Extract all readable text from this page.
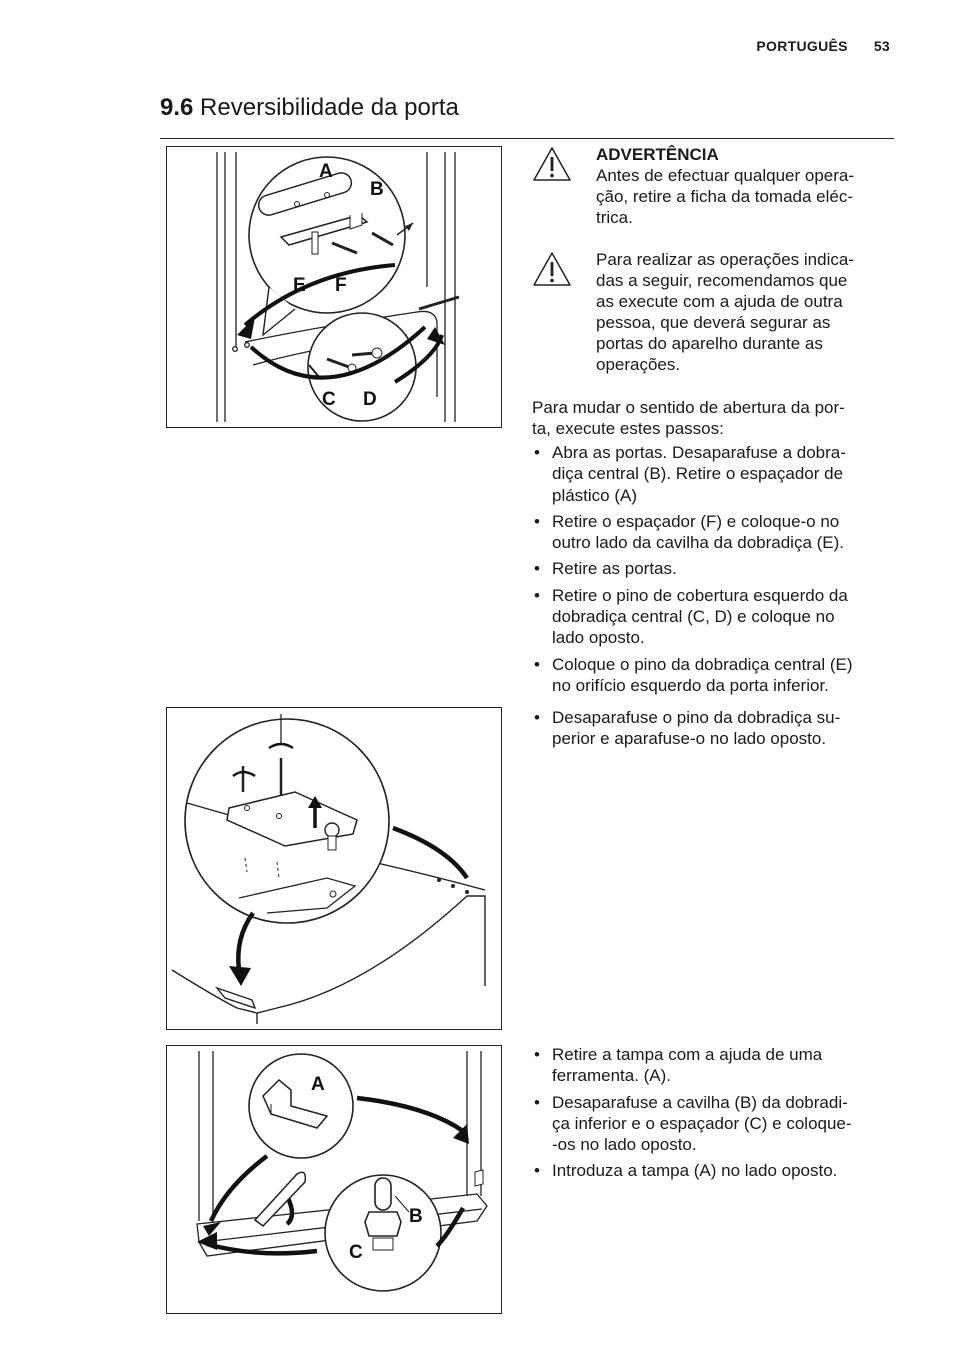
PORTUGUÊS 53
9.6 Reversibilidade da porta
A
B
E F
C D
ADVERTÊNCIA
Antes de efectuar qualquer opera-
ção, retire a ficha da tomada eléc-
trica.
Para realizar as operações indica-
das a seguir, recomendamos que
as execute com a ajuda de outra
pessoa, que deverá segurar as
portas do aparelho durante as
operações.
Para mudar o sentido de abertura da por-
ta, execute estes passos:
• Abra as portas. Desaparafuse a dobra-
diça central (B). Retire o espaçador de
plástico (A)
• Retire o espaçador (F) e coloque-o no
outro lado da cavilha da dobradiça (E).
• Retire as portas.
• Retire o pino de cobertura esquerdo da
dobradiça central (C, D) e coloque no
lado oposto.
• Coloque o pino da dobradiça central (E)
no orifício esquerdo da porta inferior.
• Desaparafuse o pino da dobradiça su-
perior e aparafuse-o no lado oposto.
A
B
C
• Retire a tampa com a ajuda de uma
ferramenta. (A).
• Desaparafuse a cavilha (B) da dobradi-
ça inferior e o espaçador (C) e coloque-
-os no lado oposto.
• Introduza a tampa (A) no lado oposto.
